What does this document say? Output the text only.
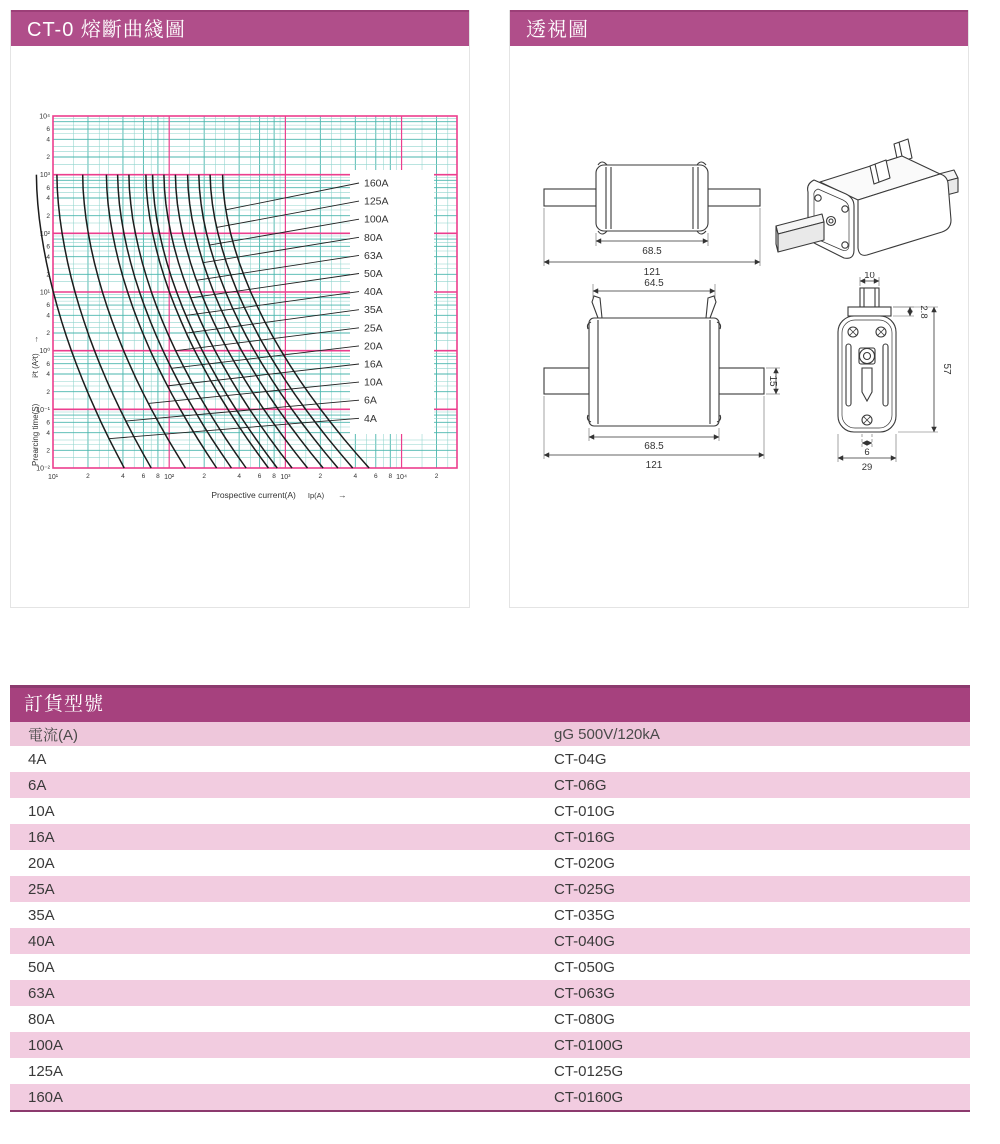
CT-0 熔斷曲綫圖
Prearcing time(S)i²t (A²t)→
Prospective current(A) Ip(A) →
10¹	2	4	6 8 10²	2	4	6 8 10³	2	4	6 8 10⁴	2
10⁴
10³
10²
10¹
10⁰
10⁻¹
10⁻²
6
4
2
6
4
2
6
4
2
6
4
2
6
4
2
6
4
2
160A
125A
100A
80A
63A
50A
40A
35A
25A
20A
16A
10A
6A
4A
透視圖
68.5
121
64.5
68.5
121
15
10
2.8
57
6
29
訂貨型號
電流(A)	gG 500V/120kA
4A	CT-04G
6A	CT-06G
10A	CT-010G
16A	CT-016G
20A	CT-020G
25A	CT-025G
35A	CT-035G
40A	CT-040G
50A	CT-050G
63A	CT-063G
80A	CT-080G
100A	CT-0100G
125A	CT-0125G
160A	CT-0160G
